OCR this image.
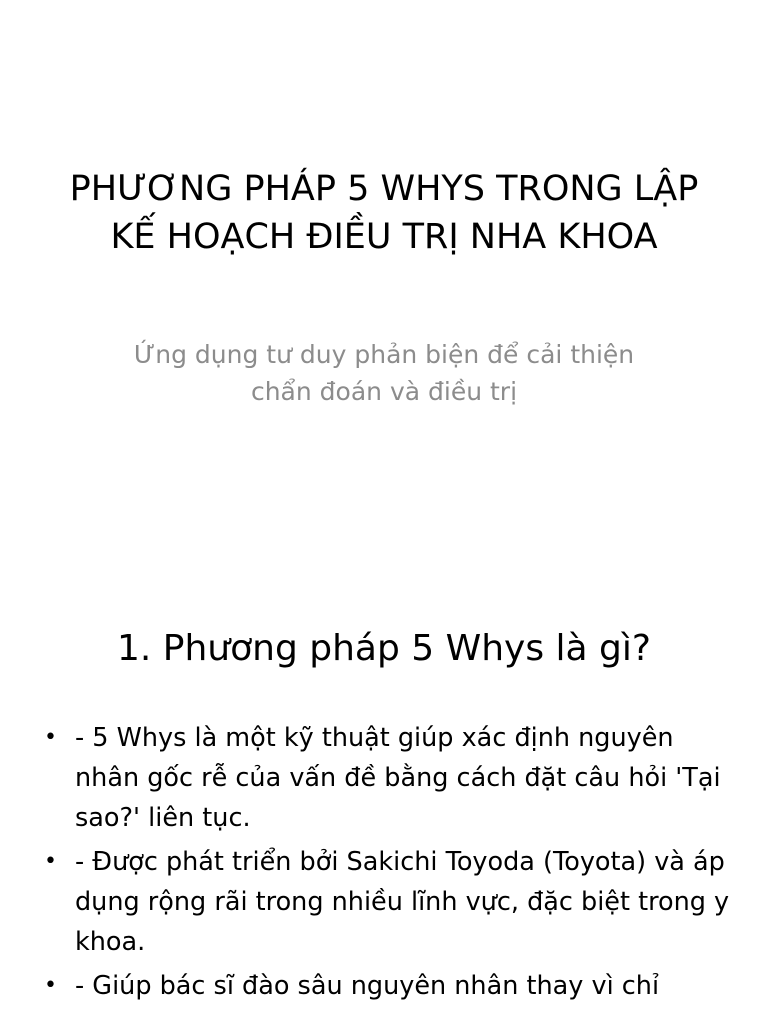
PHƯƠNG PHÁP 5 WHYS TRONG LẬP KẾ HOẠCH ĐIỀU TRỊ NHA KHOA

Ứng dụng tư duy phản biện để cải thiện chẩn đoán và điều trị

1. Phương pháp 5 Whys là gì?
• - 5 Whys là một kỹ thuật giúp xác định nguyên nhân gốc rễ của vấn đề bằng cách đặt câu hỏi 'Tại sao?' liên tục.
• - Được phát triển bởi Sakichi Toyoda (Toyota) và áp dụng rộng rãi trong nhiều lĩnh vực, đặc biệt trong y khoa.
• - Giúp bác sĩ đào sâu nguyên nhân thay vì chỉ
